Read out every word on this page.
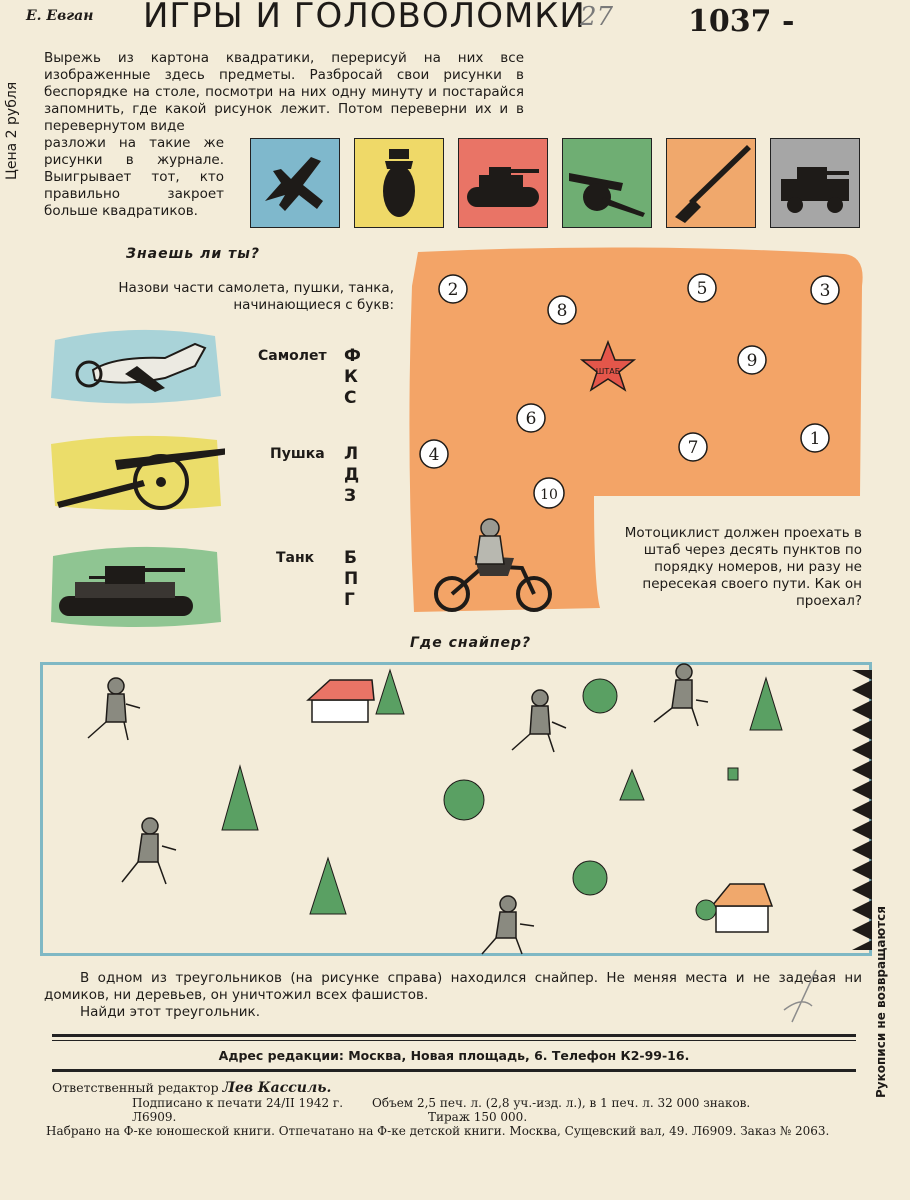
Е. Евган ИГРЫ И ГОЛОВОЛОМКИ
27 1037 -
Цена 2 рубля
Вырежь из картона квадратики, перерисуй на них все изображенные здесь предметы. Разбросай свои рисунки в беспорядке на столе, посмотри на них одну минуту и постарайся запомнить, где какой рисунок лежит. Потом переверни их и в перевернутом виде
разложи на такие же рисунки в журнале. Выигрывает тот, кто правильно закроет больше квадратиков.
Знаешь ли ты?
Назови части самолета, пушки, танка, начинающиеся с букв:
Самолет Ф
К
С
Пушка Л
Д
З
Танк Б
П
Г
ШТАБ
2
8
5	3
9
6
7	1
4
10
Мотоциклист должен проехать в штаб через десять пунктов по порядку номеров, ни разу не пересекая своего пути. Как он проехал?
Где снайпер?
В одном из треугольников (на рисунке справа) находился снайпер. Не меняя места и не задевая ни домиков, ни деревьев, он уничтожил всех фашистов.
Найди этот треугольник.
Адрес редакции: Москва, Новая площадь, 6. Телефон К2-99-16.
Ответственный редактор Лев Кассиль.
Подписано к печати 24/II 1942 г.
Л6909.
Объем 2,5 печ. л. (2,8 уч.-изд. л.), в 1 печ. л. 32 000 знаков.
Тираж 150 000.
Набрано на Ф-ке юношеской книги. Отпечатано на Ф-ке детской книги. Москва, Сущевский вал, 49. Л6909. Заказ № 2063.
Рукописи не возвращаются
